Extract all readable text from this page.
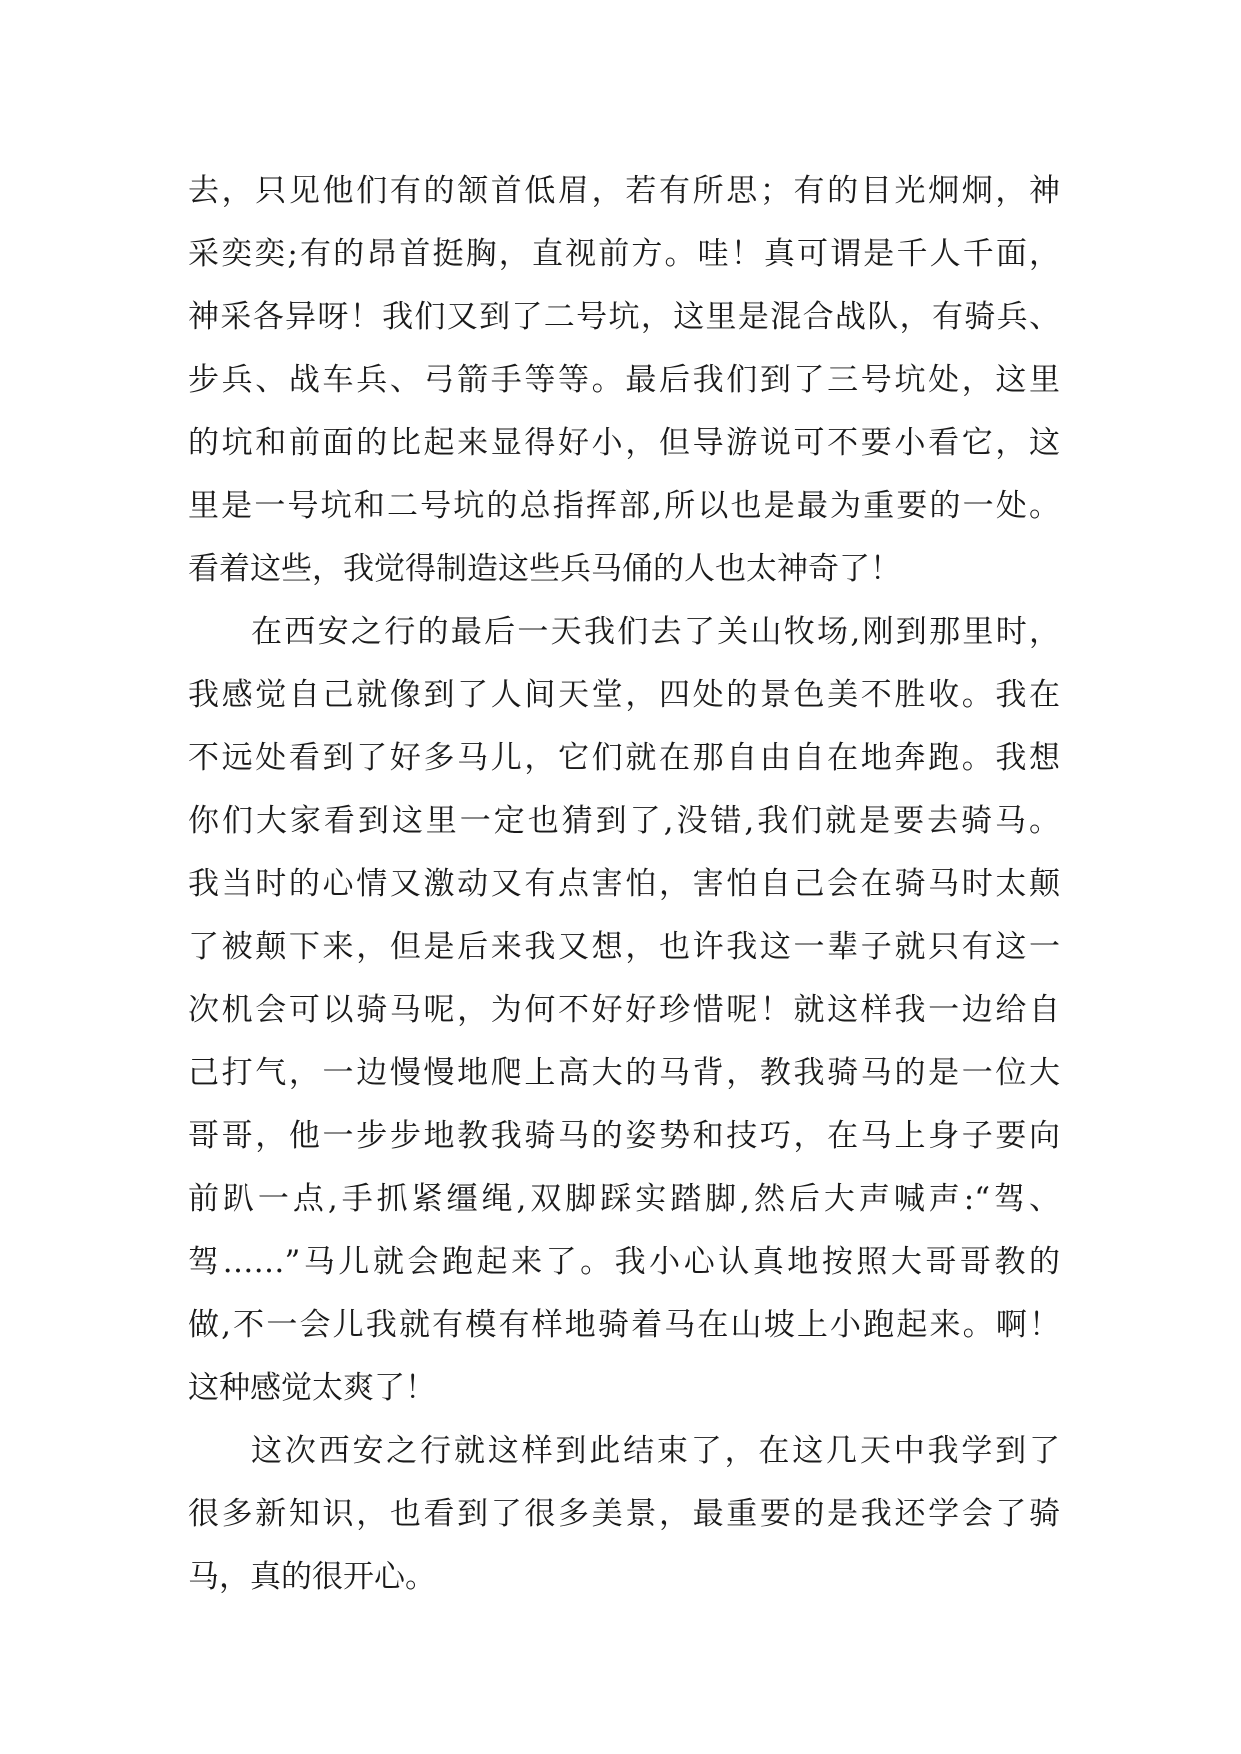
去，只见他们有的颔首低眉，若有所思；有的目光炯炯，神

采奕奕;有的昂首挺胸，直视前方。哇！真可谓是千人千面，

神采各异呀！我们又到了二号坑，这里是混合战队，有骑兵、

步兵、战车兵、弓箭手等等。最后我们到了三号坑处，这里

的坑和前面的比起来显得好小，但导游说可不要小看它，这

里是一号坑和二号坑的总指挥部,所以也是最为重要的一处。

看着这些，我觉得制造这些兵马俑的人也太神奇了！

在西安之行的最后一天我们去了关山牧场,刚到那里时，

我感觉自己就像到了人间天堂，四处的景色美不胜收。我在

不远处看到了好多马儿，它们就在那自由自在地奔跑。我想

你们大家看到这里一定也猜到了,没错,我们就是要去骑马。

我当时的心情又激动又有点害怕，害怕自己会在骑马时太颠

了被颠下来，但是后来我又想，也许我这一辈子就只有这一

次机会可以骑马呢，为何不好好珍惜呢！就这样我一边给自

己打气，一边慢慢地爬上高大的马背，教我骑马的是一位大

哥哥，他一步步地教我骑马的姿势和技巧，在马上身子要向

前趴一点,手抓紧缰绳,双脚踩实踏脚,然后大声喊声:“驾、

驾……”马儿就会跑起来了。我小心认真地按照大哥哥教的

做,不一会儿我就有模有样地骑着马在山坡上小跑起来。啊！

这种感觉太爽了！

这次西安之行就这样到此结束了，在这几天中我学到了

很多新知识，也看到了很多美景，最重要的是我还学会了骑

马，真的很开心。
